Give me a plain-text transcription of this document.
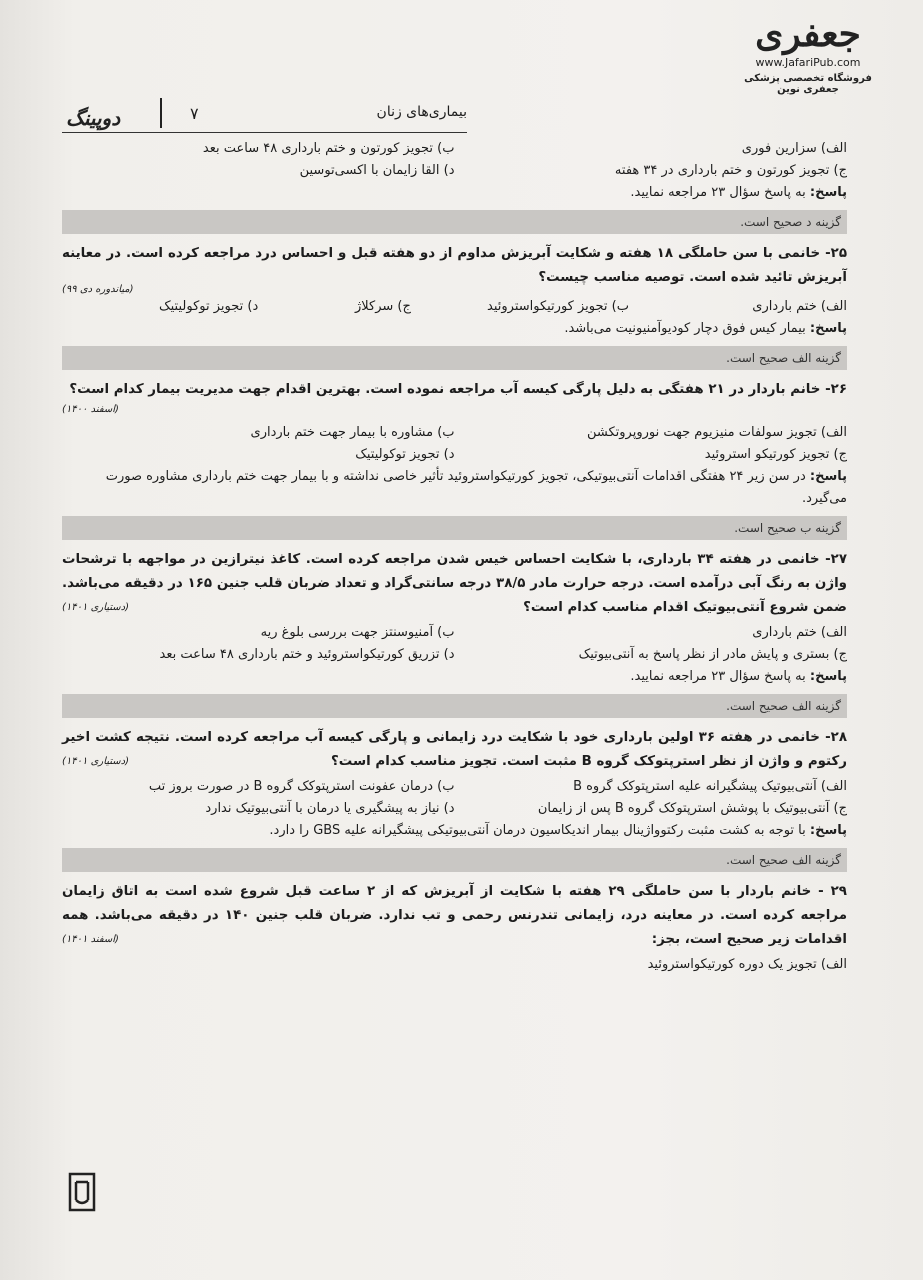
جعفری
www.JafariPub.com
فروشگاه تخصصی پزشکی جعفری نوین
دوپینگ	۷	بیماری‌های زنان
الف) سزارین فوری
ب) تجویز کورتون و ختم بارداری ۴۸ ساعت بعد
ج) تجویز کورتون و ختم بارداری در ۳۴ هفته
د) القا زایمان با اکسی‌توسین
پاسخ: به پاسخ سؤال ۲۳ مراجعه نمایید.
گزینه د صحیح است.
۲۵- خانمی با سن حاملگی ۱۸ هفته و شکایت آبریزش مداوم از دو هفته قبل و احساس درد مراجعه کرده است. در معاینه آبریزش تائید شده است. توصیه مناسب چیست؟
(میاندوره دی ۹۹)
الف) ختم بارداری
ب) تجویز کورتیکواستروئید
ج) سرکلاژ
د) تجویز توکولیتیک
پاسخ: بیمار کیس فوق دچار کودیوآمنیونیت می‌باشد.
گزینه الف صحیح است.
۲۶- خانم باردار در ۲۱ هفتگی به دلیل پارگی کیسه آب مراجعه نموده است. بهترین اقدام جهت مدیریت بیمار کدام است؟
(اسفند ۱۴۰۰)
الف) تجویز سولفات منیزیوم جهت نوروپروتکشن
ب) مشاوره با بیمار جهت ختم بارداری
ج) تجویز کورتیکو استروئید
د) تجویز توکولیتیک
پاسخ: در سن زیر ۲۴ هفتگی اقدامات آنتی‌بیوتیکی، تجویز کورتیکواستروئید تأثیر خاصی نداشته و با بیمار جهت ختم بارداری مشاوره صورت می‌گیرد.
گزینه ب صحیح است.
۲۷- خانمی در هفته ۳۴ بارداری، با شکایت احساس خیس شدن مراجعه کرده است. کاغذ نیترازین در مواجهه با ترشحات واژن به رنگ آبی درآمده است. درجه حرارت مادر ۳۸/۵ درجه سانتی‌گراد و تعداد ضربان قلب جنین ۱۶۵ در دقیقه می‌باشد. ضمن شروع آنتی‌بیوتیک اقدام مناسب کدام است؟
(دستیاری ۱۴۰۱)
الف) ختم بارداری
ب) آمنیوسنتز جهت بررسی بلوغ ریه
ج) بستری و پایش مادر از نظر پاسخ به آنتی‌بیوتیک
د) تزریق کورتیکواستروئید و ختم بارداری ۴۸ ساعت بعد
پاسخ: به پاسخ سؤال ۲۳ مراجعه نمایید.
گزینه الف صحیح است.
۲۸- خانمی در هفته ۳۶ اولین بارداری خود با شکایت درد زایمانی و پارگی کیسه آب مراجعه کرده است. نتیجه کشت اخیر رکتوم و واژن از نظر استرپتوکک گروه B مثبت است. تجویز مناسب کدام است؟
(دستیاری ۱۴۰۱)
الف) آنتی‌بیوتیک پیشگیرانه علیه استرپتوکک گروه B
ب) درمان عفونت استرپتوکک گروه B در صورت بروز تب
ج) آنتی‌بیوتیک با پوشش استرپتوکک گروه B پس از زایمان
د) نیاز به پیشگیری یا درمان با آنتی‌بیوتیک ندارد
پاسخ: با توجه به کشت مثبت رکتوواژینال بیمار اندیکاسیون درمان آنتی‌بیوتیکی پیشگیرانه علیه GBS را دارد.
گزینه الف صحیح است.
۲۹ - خانم باردار با سن حاملگی ۲۹ هفته با شکایت از آبریزش که از ۲ ساعت قبل شروع شده است به اتاق زایمان مراجعه کرده است. در معاینه درد، زایمانی تندرنس رحمی و تب ندارد. ضربان قلب جنین ۱۴۰ در دقیقه می‌باشد. همه اقدامات زیر صحیح است، بجز:
(اسفند ۱۴۰۱)
الف) تجویز یک دوره کورتیکواستروئید
